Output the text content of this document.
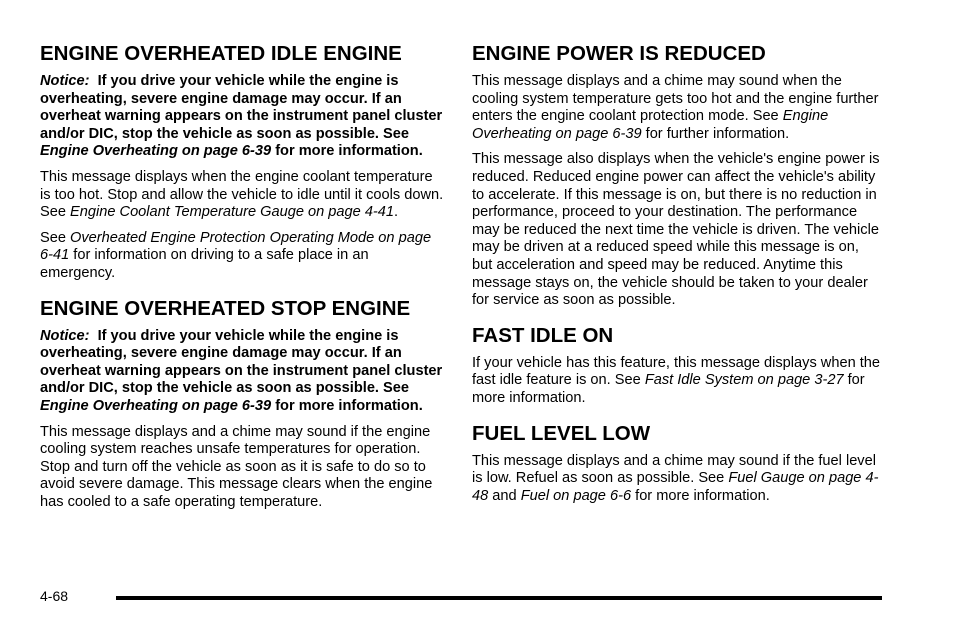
ENGINE OVERHEATED IDLE ENGINE

Notice: If you drive your vehicle while the engine is overheating, severe engine damage may occur. If an overheat warning appears on the instrument panel cluster and/or DIC, stop the vehicle as soon as possible. See Engine Overheating on page 6-39 for more information.

This message displays when the engine coolant temperature is too hot. Stop and allow the vehicle to idle until it cools down. See Engine Coolant Temperature Gauge on page 4-41.

See Overheated Engine Protection Operating Mode on page 6-41 for information on driving to a safe place in an emergency.

ENGINE OVERHEATED STOP ENGINE

Notice: If you drive your vehicle while the engine is overheating, severe engine damage may occur. If an overheat warning appears on the instrument panel cluster and/or DIC, stop the vehicle as soon as possible. See Engine Overheating on page 6-39 for more information.

This message displays and a chime may sound if the engine cooling system reaches unsafe temperatures for operation. Stop and turn off the vehicle as soon as it is safe to do so to avoid severe damage. This message clears when the engine has cooled to a safe operating temperature.

ENGINE POWER IS REDUCED

This message displays and a chime may sound when the cooling system temperature gets too hot and the engine further enters the engine coolant protection mode. See Engine Overheating on page 6-39 for further information.

This message also displays when the vehicle's engine power is reduced. Reduced engine power can affect the vehicle's ability to accelerate. If this message is on, but there is no reduction in performance, proceed to your destination. The performance may be reduced the next time the vehicle is driven. The vehicle may be driven at a reduced speed while this message is on, but acceleration and speed may be reduced. Anytime this message stays on, the vehicle should be taken to your dealer for service as soon as possible.

FAST IDLE ON

If your vehicle has this feature, this message displays when the fast idle feature is on. See Fast Idle System on page 3-27 for more information.

FUEL LEVEL LOW

This message displays and a chime may sound if the fuel level is low. Refuel as soon as possible. See Fuel Gauge on page 4-48 and Fuel on page 6-6 for more information.

4-68
